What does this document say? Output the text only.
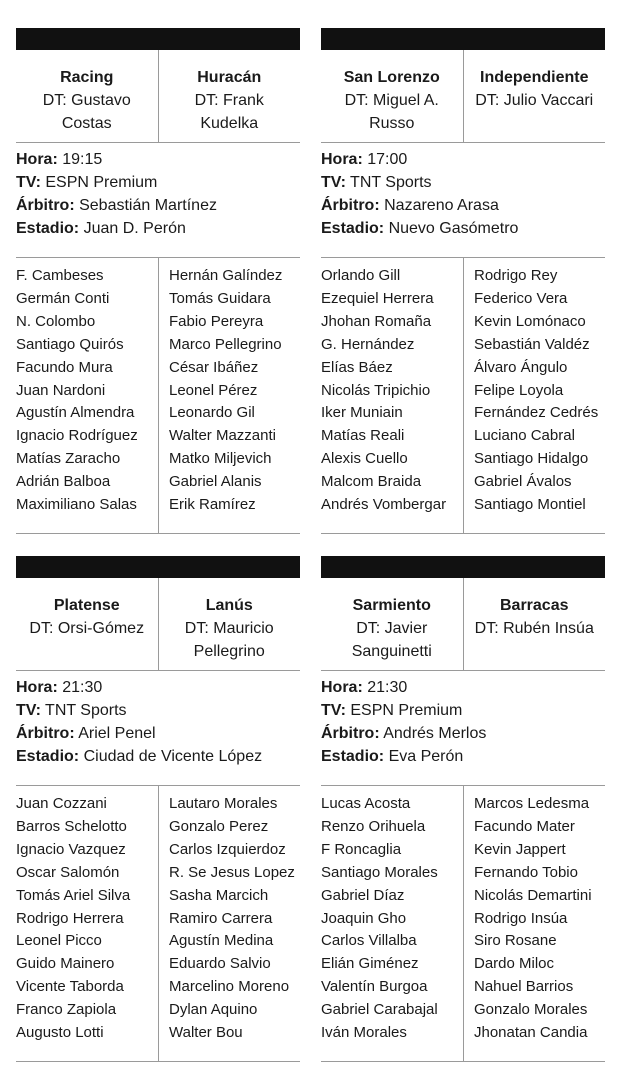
Racing
DT: Gustavo Costas
Huracán
DT: Frank Kudelka
Hora: 19:15
TV: ESPN Premium
Árbitro: Sebastián Martínez
Estadio: Juan D. Perón
F. Cambeses
Germán Conti
N. Colombo
Santiago Quirós
Facundo Mura
Juan Nardoni
Agustín Almendra
Ignacio Rodríguez
Matías Zaracho
Adrián Balboa
Maximiliano Salas
Hernán Galíndez
Tomás Guidara
Fabio Pereyra
Marco Pellegrino
César Ibáñez
Leonel Pérez
Leonardo Gil
Walter Mazzanti
Matko Miljevich
Gabriel Alanis
Erik Ramírez
San Lorenzo
DT: Miguel A. Russo
Independiente
DT: Julio Vaccari
Hora: 17:00
TV: TNT Sports
Árbitro: Nazareno Arasa
Estadio: Nuevo Gasómetro
Orlando Gill
Ezequiel Herrera
Jhohan Romaña
G. Hernández
Elías Báez
Nicolás Tripichio
Iker Muniain
Matías Reali
Alexis Cuello
Malcom Braida
Andrés Vombergar
Rodrigo Rey
Federico Vera
Kevin Lomónaco
Sebastián Valdéz
Álvaro Ángulo
Felipe Loyola
Fernández Cedrés
Luciano Cabral
Santiago Hidalgo
Gabriel Ávalos
Santiago Montiel
Platense
DT: Orsi-Gómez
Lanús
DT: Mauricio Pellegrino
Hora: 21:30
TV: TNT Sports
Árbitro: Ariel Penel
Estadio: Ciudad de Vicente López
Juan Cozzani
Barros Schelotto
Ignacio Vazquez
Oscar Salomón
Tomás Ariel Silva
Rodrigo Herrera
Leonel Picco
Guido Mainero
Vicente Taborda
Franco Zapiola
Augusto Lotti
Lautaro Morales
Gonzalo Perez
Carlos Izquierdoz
R. Se Jesus Lopez
Sasha Marcich
Ramiro Carrera
Agustín Medina
Eduardo Salvio
Marcelino Moreno
Dylan Aquino
Walter Bou
Sarmiento
DT: Javier Sanguinetti
Barracas
DT: Rubén Insúa
Hora: 21:30
TV: ESPN Premium
Árbitro: Andrés Merlos
Estadio: Eva Perón
Lucas Acosta
Renzo Orihuela
F Roncaglia
Santiago Morales
Gabriel Díaz
Joaquin Gho
Carlos Villalba
Elián Giménez
Valentín Burgoa
Gabriel Carabajal
Iván Morales
Marcos Ledesma
Facundo Mater
Kevin Jappert
Fernando Tobio
Nicolás Demartini
Rodrigo Insúa
Siro Rosane
Dardo Miloc
Nahuel Barrios
Gonzalo Morales
Jhonatan Candia
